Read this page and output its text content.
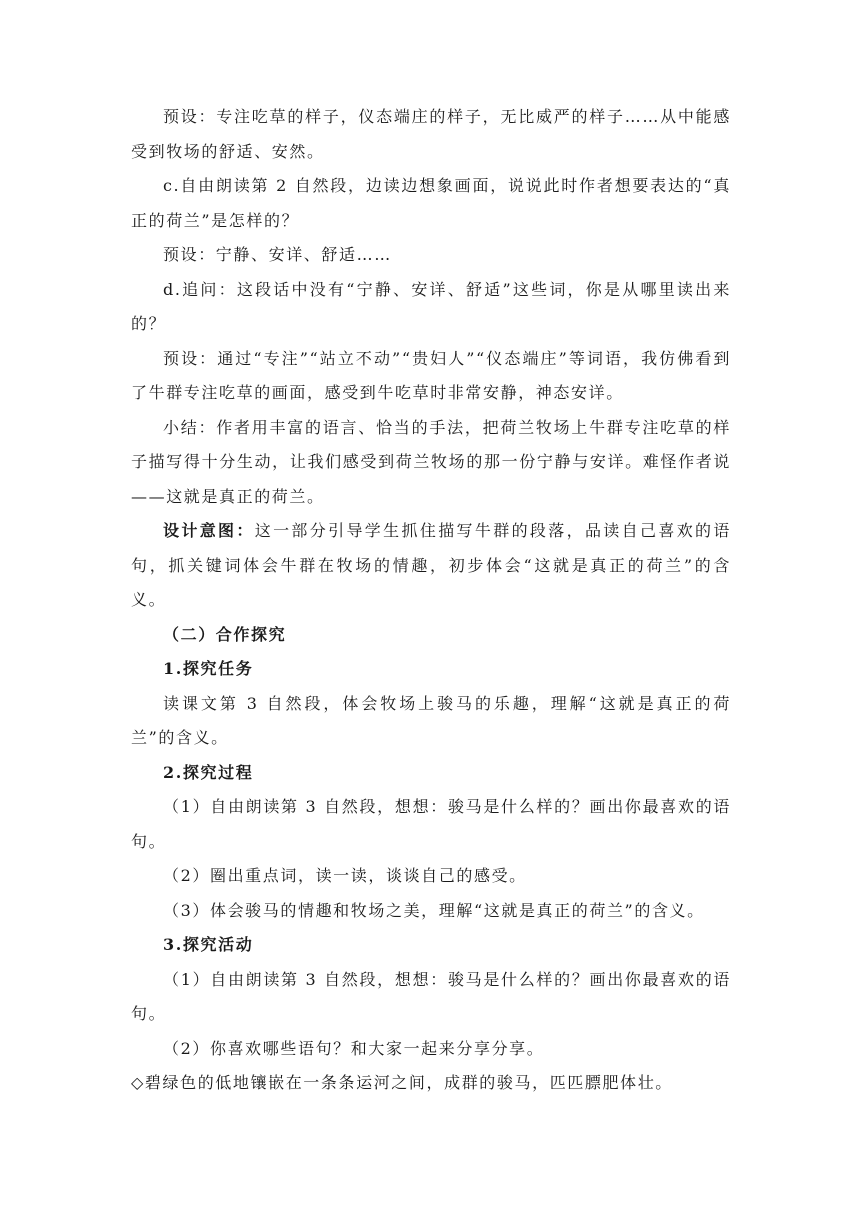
预设：专注吃草的样子，仪态端庄的样子，无比威严的样子……从中能感受到牧场的舒适、安然。

c.自由朗读第 2 自然段，边读边想象画面，说说此时作者想要表达的“真正的荷兰”是怎样的？

预设：宁静、安详、舒适……

d.追问：这段话中没有“宁静、安详、舒适”这些词，你是从哪里读出来的？

预设：通过“专注”“站立不动”“贵妇人”“仪态端庄”等词语，我仿佛看到了牛群专注吃草的画面，感受到牛吃草时非常安静，神态安详。

小结：作者用丰富的语言、恰当的手法，把荷兰牧场上牛群专注吃草的样子描写得十分生动，让我们感受到荷兰牧场的那一份宁静与安详。难怪作者说——这就是真正的荷兰。

设计意图：这一部分引导学生抓住描写牛群的段落，品读自己喜欢的语句，抓关键词体会牛群在牧场的情趣，初步体会“这就是真正的荷兰”的含义。

（二）合作探究

1.探究任务

读课文第 3 自然段，体会牧场上骏马的乐趣，理解“这就是真正的荷兰”的含义。

2.探究过程

（1）自由朗读第 3 自然段，想想：骏马是什么样的？画出你最喜欢的语句。

（2）圈出重点词，读一读，谈谈自己的感受。

（3）体会骏马的情趣和牧场之美，理解“这就是真正的荷兰”的含义。

3.探究活动

（1）自由朗读第 3 自然段，想想：骏马是什么样的？画出你最喜欢的语句。

（2）你喜欢哪些语句？和大家一起来分享分享。

◇碧绿色的低地镶嵌在一条条运河之间，成群的骏马，匹匹膘肥体壮。
